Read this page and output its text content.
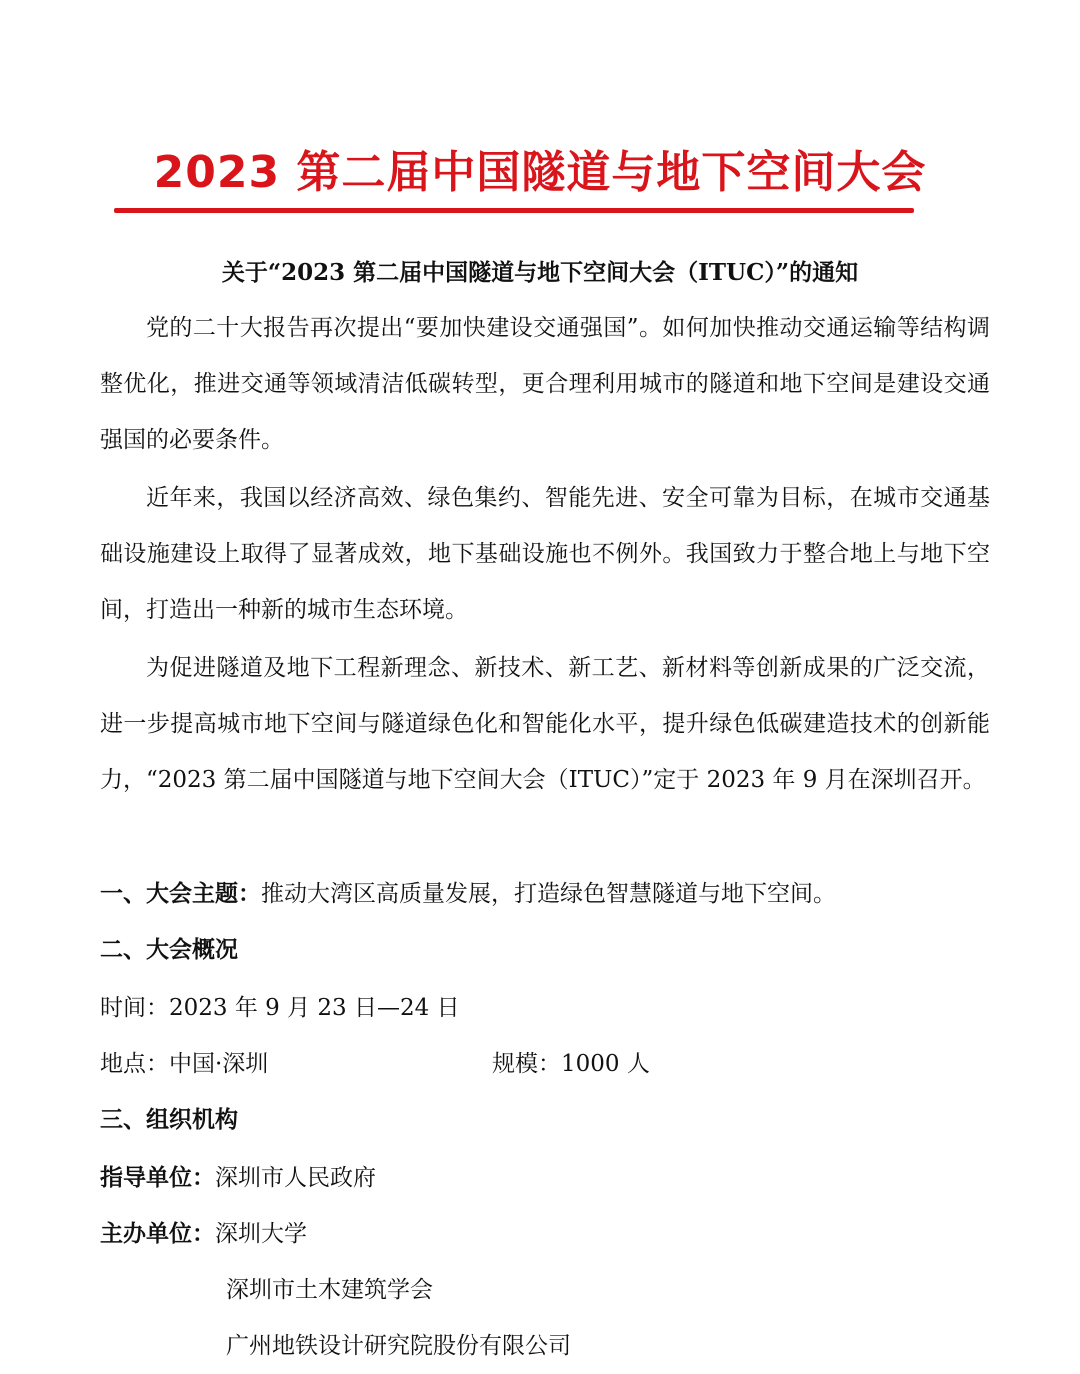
2023 第二届中国隧道与地下空间大会
关于“2023 第二届中国隧道与地下空间大会（ITUC）”的通知
党的二十大报告再次提出“要加快建设交通强国”。如何加快推动交通运输等结构调整优化，推进交通等领域清洁低碳转型，更合理利用城市的隧道和地下空间是建设交通强国的必要条件。
近年来，我国以经济高效、绿色集约、智能先进、安全可靠为目标，在城市交通基础设施建设上取得了显著成效，地下基础设施也不例外。我国致力于整合地上与地下空间，打造出一种新的城市生态环境。
为促进隧道及地下工程新理念、新技术、新工艺、新材料等创新成果的广泛交流，进一步提高城市地下空间与隧道绿色化和智能化水平，提升绿色低碳建造技术的创新能力，“2023 第二届中国隧道与地下空间大会（ITUC）”定于 2023 年 9 月在深圳召开。
一、大会主题：推动大湾区高质量发展，打造绿色智慧隧道与地下空间。
二、大会概况
时间：2023 年 9 月 23 日—24 日
地点：中国·深圳	规模：1000 人
三、组织机构
指导单位：深圳市人民政府
主办单位：深圳大学
深圳市土木建筑学会
广州地铁设计研究院股份有限公司
